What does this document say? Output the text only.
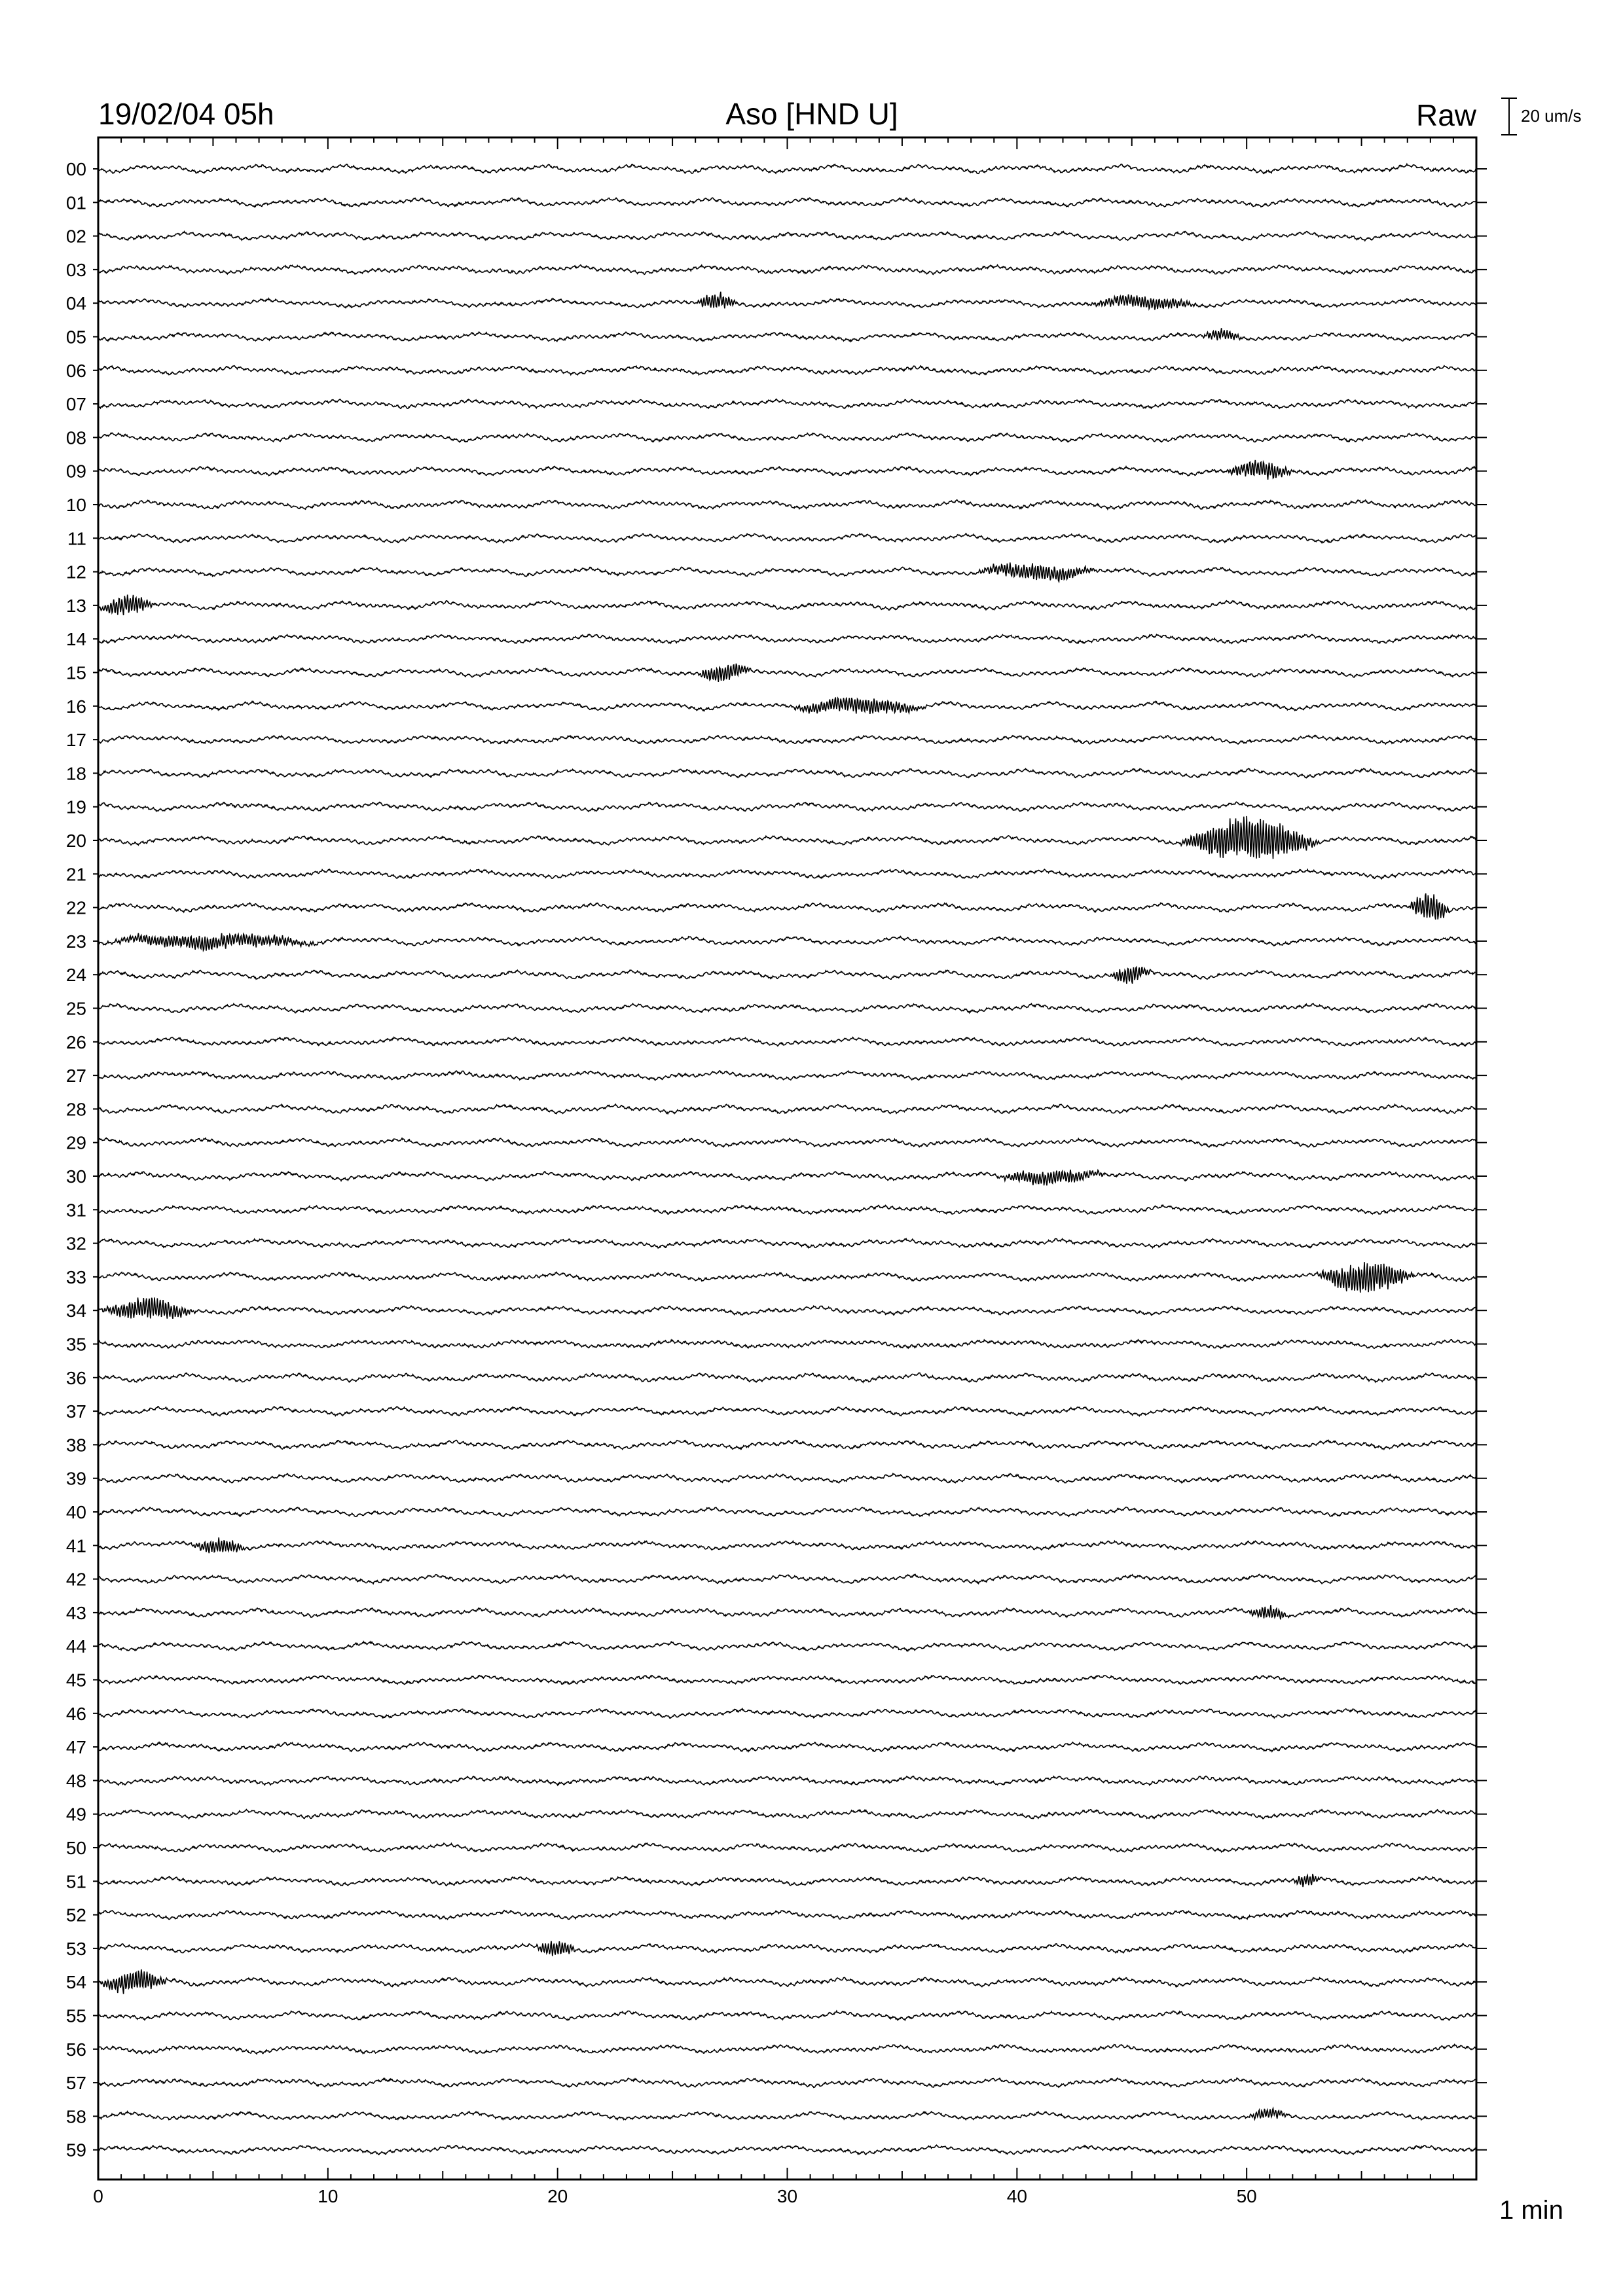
19/02/04 05h	Aso [HND U]	Raw	20 um/s
00
01
02
03
04
05
06
07
08
09
10
11
12
13
14
15
16
17
18
19
20
21
22
23
24
25
26
27
28
29
30
31
32
33
34
35
36
37
38
39
40
41
42
43
44
45
46
47
48
49
50
51
52
53
54
55
56
57
58
59
0	10	20	30	40	50	1 min
